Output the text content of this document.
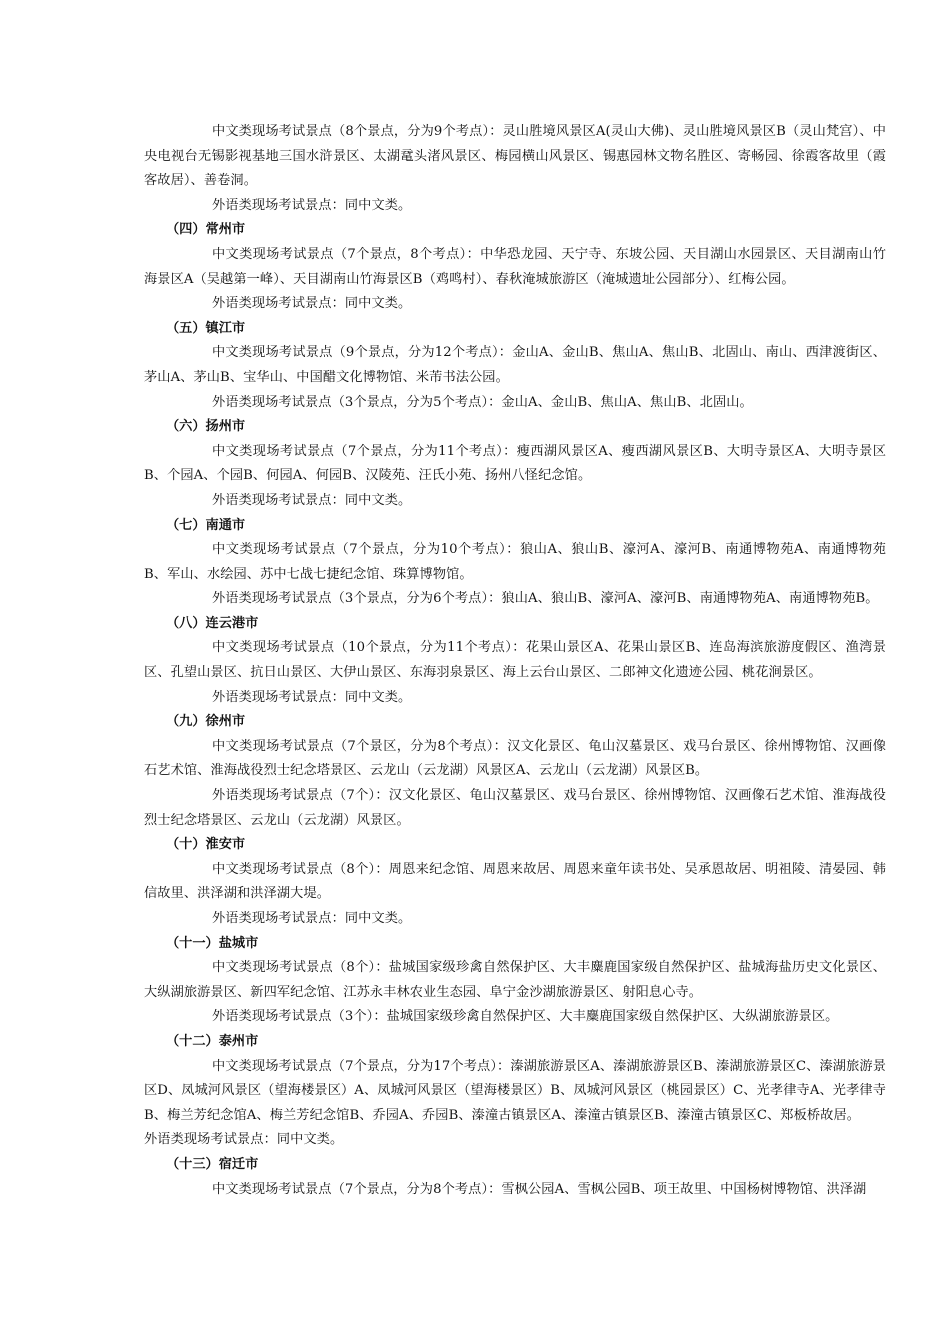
中文类现场考试景点（8个景点，分为9个考点）：灵山胜境风景区A(灵山大佛)、灵山胜境风景区B（灵山梵宫）、中央电视台无锡影视基地三国水浒景区、太湖鼋头渚风景区、梅园横山风景区、锡惠园林文物名胜区、寄畅园、徐霞客故里（霞客故居）、善卷洞。

外语类现场考试景点：同中文类。

（四）常州市

中文类现场考试景点（7个景点，8个考点）：中华恐龙园、天宁寺、东坡公园、天目湖山水园景区、天目湖南山竹海景区A（吴越第一峰）、天目湖南山竹海景区B（鸡鸣村）、春秋淹城旅游区（淹城遗址公园部分）、红梅公园。

外语类现场考试景点：同中文类。

（五）镇江市

中文类现场考试景点（9个景点，分为12个考点）：金山A、金山B、焦山A、焦山B、北固山、南山、西津渡街区、茅山A、茅山B、宝华山、中国醋文化博物馆、米芾书法公园。

外语类现场考试景点（3个景点，分为5个考点）：金山A、金山B、焦山A、焦山B、北固山。

（六）扬州市

中文类现场考试景点（7个景点，分为11个考点）：瘦西湖风景区A、瘦西湖风景区B、大明寺景区A、大明寺景区B、个园A、个园B、何园A、何园B、汉陵苑、汪氏小苑、扬州八怪纪念馆。

外语类现场考试景点：同中文类。

（七）南通市

中文类现场考试景点（7个景点，分为10个考点）：狼山A、狼山B、濠河A、濠河B、南通博物苑A、南通博物苑B、军山、水绘园、苏中七战七捷纪念馆、珠算博物馆。

外语类现场考试景点（3个景点，分为6个考点）：狼山A、狼山B、濠河A、濠河B、南通博物苑A、南通博物苑B。

（八）连云港市

中文类现场考试景点（10个景点，分为11个考点）：花果山景区A、花果山景区B、连岛海滨旅游度假区、渔湾景区、孔望山景区、抗日山景区、大伊山景区、东海羽泉景区、海上云台山景区、二郎神文化遗迹公园、桃花涧景区。

外语类现场考试景点：同中文类。

（九）徐州市

中文类现场考试景点（7个景区，分为8个考点）：汉文化景区、龟山汉墓景区、戏马台景区、徐州博物馆、汉画像石艺术馆、淮海战役烈士纪念塔景区、云龙山（云龙湖）风景区A、云龙山（云龙湖）风景区B。

外语类现场考试景点（7个）：汉文化景区、龟山汉墓景区、戏马台景区、徐州博物馆、汉画像石艺术馆、淮海战役烈士纪念塔景区、云龙山（云龙湖）风景区。

（十）淮安市

中文类现场考试景点（8个）：周恩来纪念馆、周恩来故居、周恩来童年读书处、吴承恩故居、明祖陵、清晏园、韩信故里、洪泽湖和洪泽湖大堤。

外语类现场考试景点：同中文类。

（十一）盐城市

中文类现场考试景点（8个）：盐城国家级珍禽自然保护区、大丰麋鹿国家级自然保护区、盐城海盐历史文化景区、大纵湖旅游景区、新四军纪念馆、江苏永丰林农业生态园、阜宁金沙湖旅游景区、射阳息心寺。

外语类现场考试景点（3个）：盐城国家级珍禽自然保护区、大丰麋鹿国家级自然保护区、大纵湖旅游景区。

（十二）泰州市

中文类现场考试景点（7个景点，分为17个考点）：溱湖旅游景区A、溱湖旅游景区B、溱湖旅游景区C、溱湖旅游景区D、凤城河风景区（望海楼景区）A、凤城河风景区（望海楼景区）B、凤城河风景区（桃园景区）C、光孝律寺A、光孝律寺B、梅兰芳纪念馆A、梅兰芳纪念馆B、乔园A、乔园B、溱潼古镇景区A、溱潼古镇景区B、溱潼古镇景区C、郑板桥故居。

外语类现场考试景点：同中文类。

（十三）宿迁市

中文类现场考试景点（7个景点，分为8个考点）：雪枫公园A、雪枫公园B、项王故里、中国杨树博物馆、洪泽湖
